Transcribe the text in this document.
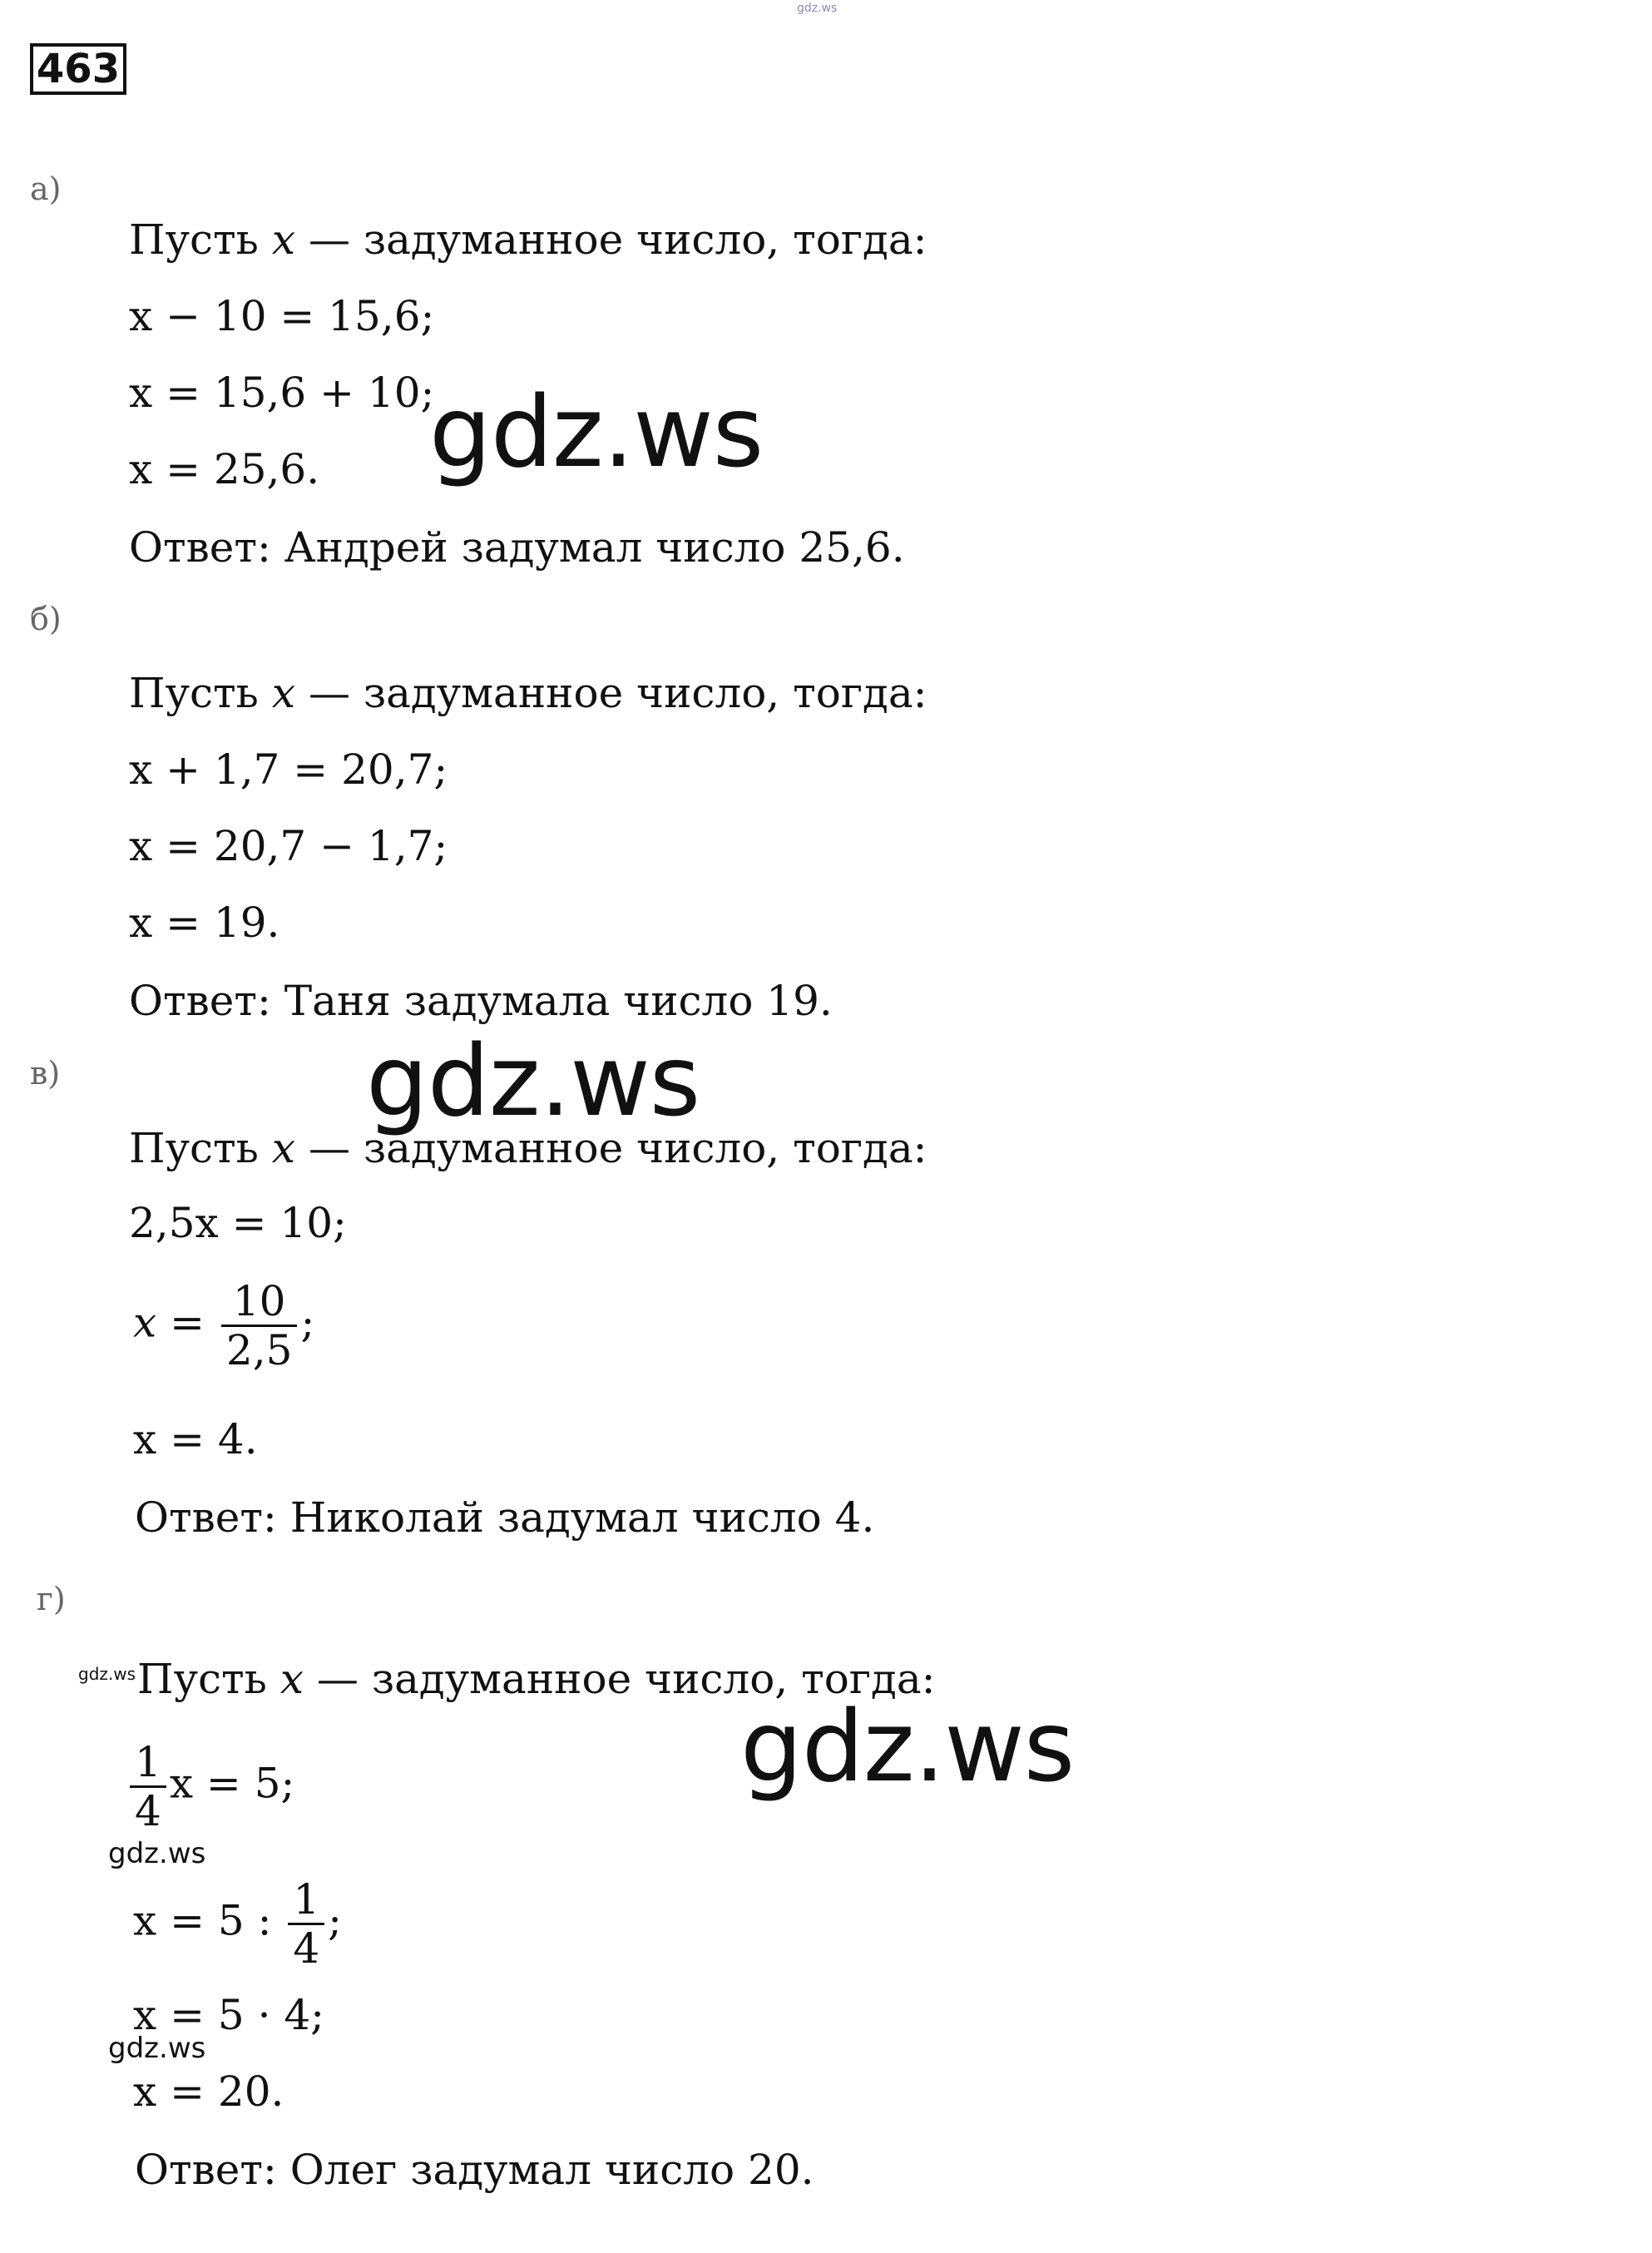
gdz.ws
463
а)
Пусть x — задуманное число, тогда:
x − 10 = 15,6;
x = 15,6 + 10;
x = 25,6.
Ответ: Андрей задумал число 25,6.
gdz.ws
б)
Пусть x — задуманное число, тогда:
x + 1,7 = 20,7;
x = 20,7 − 1,7;
x = 19.
Ответ: Таня задумала число 19.
в)	gdz.ws
Пусть x — задуманное число, тогда:
2,5x = 10;
$x = \frac{10}{2,5}$ ;
x = 4.
Ответ: Николай задумал число 4.
г)
gdz.ws Пусть x — задуманное число, тогда:
gdz.ws
$\frac{1}{4}$ x = 5;
gdz.ws
x = 5 : $\frac{1}{4}$ ;
x = 5 · 4;
gdz.ws
x = 20.
Ответ: Олег задумал число 20.
